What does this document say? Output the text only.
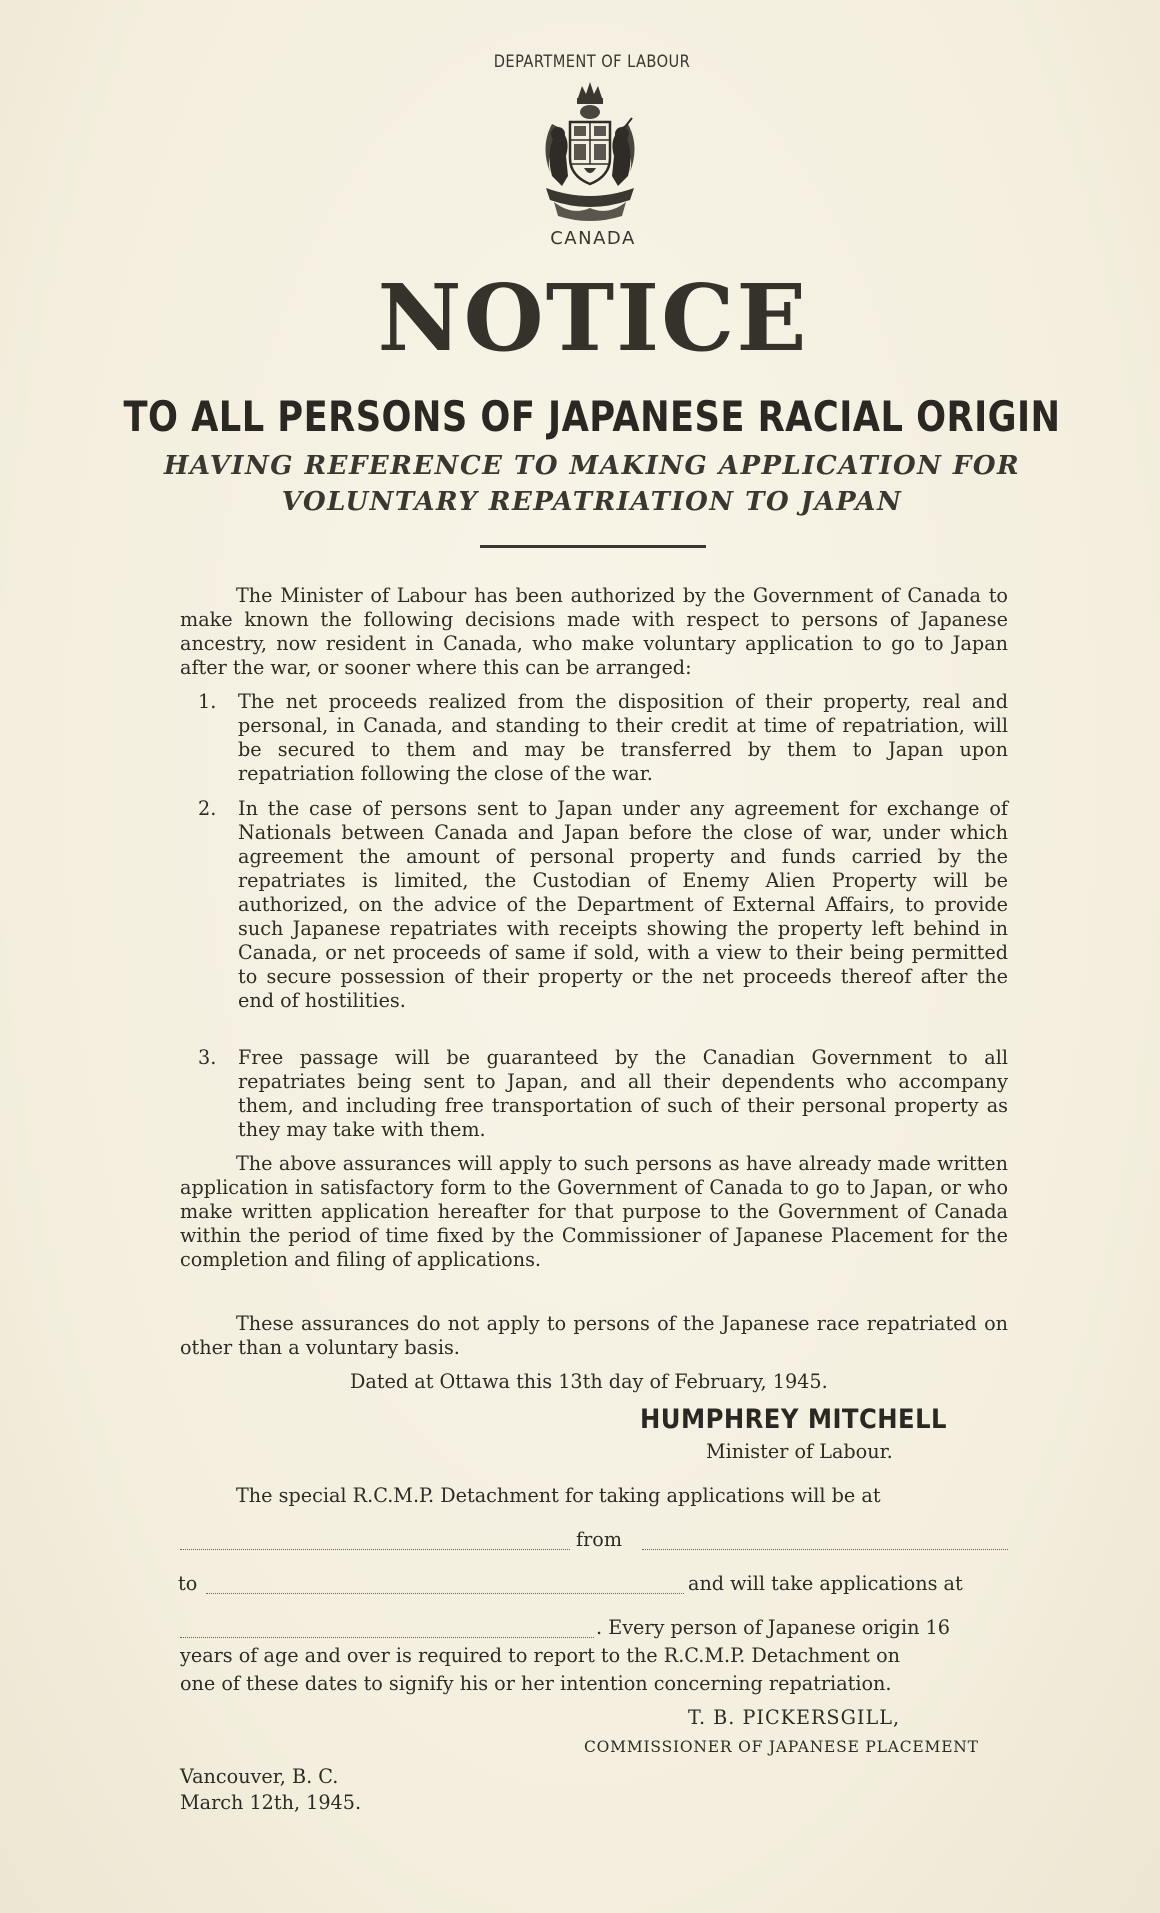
DEPARTMENT OF LABOUR
CANADA
NOTICE
TO ALL PERSONS OF JAPANESE RACIAL ORIGIN
HAVING REFERENCE TO MAKING APPLICATION FOR
VOLUNTARY REPATRIATION TO JAPAN
The Minister of Labour has been authorized by the Government of Canada to make known the following decisions made with respect to persons of Japanese ancestry, now resident in Canada, who make voluntary application to go to Japan after the war, or sooner where this can be arranged:
1. The net proceeds realized from the disposition of their property, real and personal, in Canada, and standing to their credit at time of repatriation, will be secured to them and may be transferred by them to Japan upon repatriation following the close of the war.
2. In the case of persons sent to Japan under any agreement for exchange of Nationals between Canada and Japan before the close of war, under which agreement the amount of personal property and funds carried by the repatriates is limited, the Custodian of Enemy Alien Property will be authorized, on the advice of the Department of External Affairs, to provide such Japanese repatriates with receipts showing the property left behind in Canada, or net proceeds of same if sold, with a view to their being permitted to secure possession of their property or the net proceeds thereof after the end of hostilities.
3. Free passage will be guaranteed by the Canadian Government to all repatriates being sent to Japan, and all their dependents who accompany them, and including free transportation of such of their personal property as they may take with them.
The above assurances will apply to such persons as have already made written application in satisfactory form to the Government of Canada to go to Japan, or who make written application hereafter for that purpose to the Government of Canada within the period of time fixed by the Commissioner of Japanese Placement for the completion and filing of applications.
These assurances do not apply to persons of the Japanese race repatriated on other than a voluntary basis.
Dated at Ottawa this 13th day of February, 1945.
HUMPHREY MITCHELL
Minister of Labour.
The special R.C.M.P. Detachment for taking applications will be at
from
to	and will take applications at
. Every person of Japanese origin 16
years of age and over is required to report to the R.C.M.P. Detachment on
one of these dates to signify his or her intention concerning repatriation.
T. B. PICKERSGILL,
COMMISSIONER OF JAPANESE PLACEMENT
Vancouver, B. C.
March 12th, 1945.
